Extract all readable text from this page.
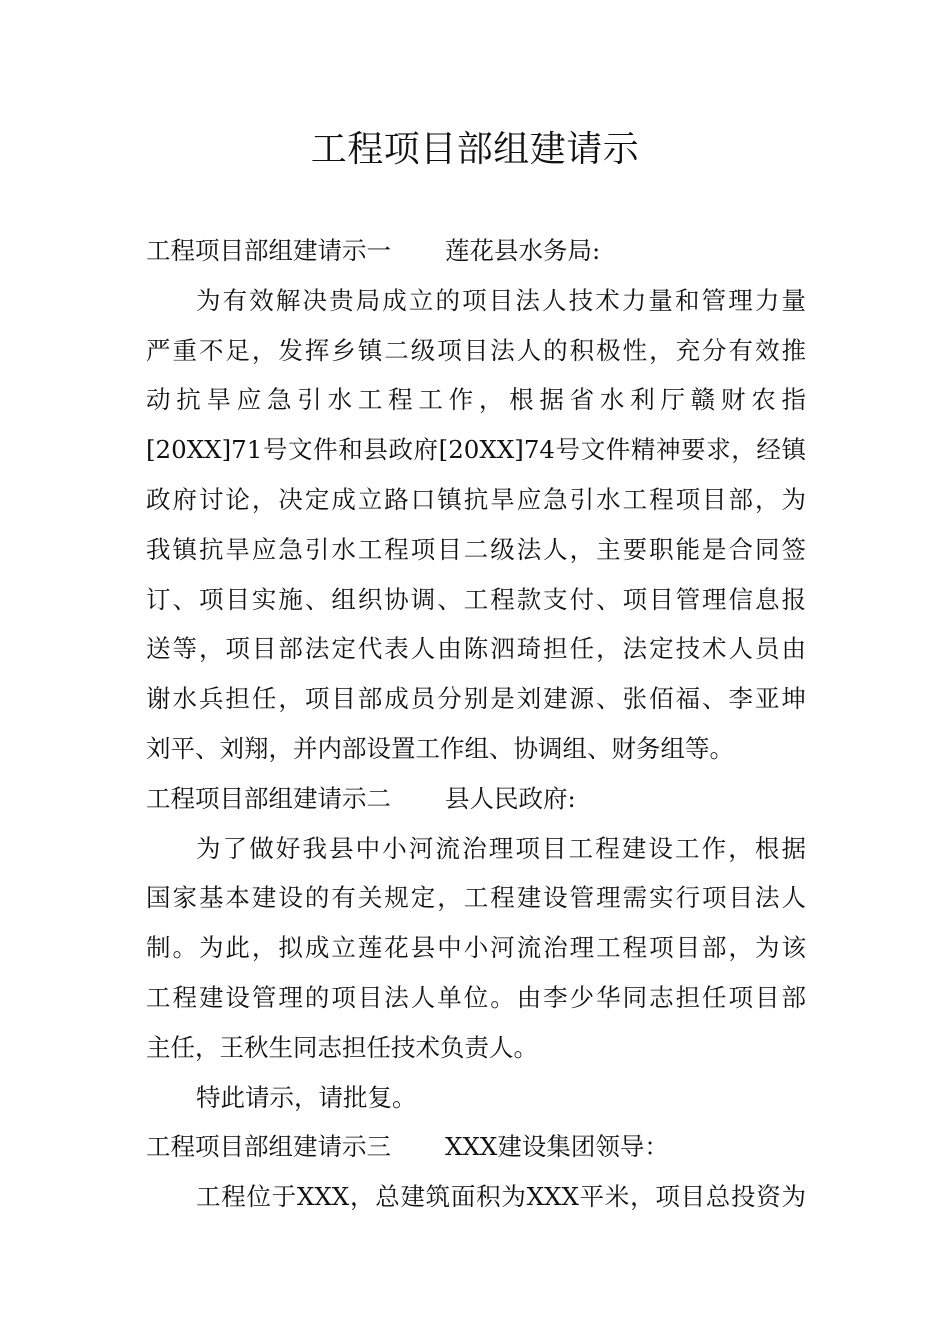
工程项目部组建请示
工程项目部组建请示一 莲花县水务局:
为有效解决贵局成立的项目法人技术力量和管理力量
严重不足，发挥乡镇二级项目法人的积极性，充分有效推
动抗旱应急引水工程工作，根据省水利厅赣财农指
[20XX]71号文件和县政府[20XX]74号文件精神要求，经镇
政府讨论，决定成立路口镇抗旱应急引水工程项目部，为
我镇抗旱应急引水工程项目二级法人，主要职能是合同签
订、项目实施、组织协调、工程款支付、项目管理信息报
送等，项目部法定代表人由陈泗琦担任，法定技术人员由
谢水兵担任，项目部成员分别是刘建源、张佰福、李亚坤
刘平、刘翔，并内部设置工作组、协调组、财务组等。
工程项目部组建请示二 县人民政府:
为了做好我县中小河流治理项目工程建设工作，根据
国家基本建设的有关规定，工程建设管理需实行项目法人
制。为此，拟成立莲花县中小河流治理工程项目部，为该
工程建设管理的项目法人单位。由李少华同志担任项目部
主任，王秋生同志担任技术负责人。
特此请示，请批复。
工程项目部组建请示三 XXX建设集团领导：
工程位于XXX，总建筑面积为XXX平米，项目总投资为
